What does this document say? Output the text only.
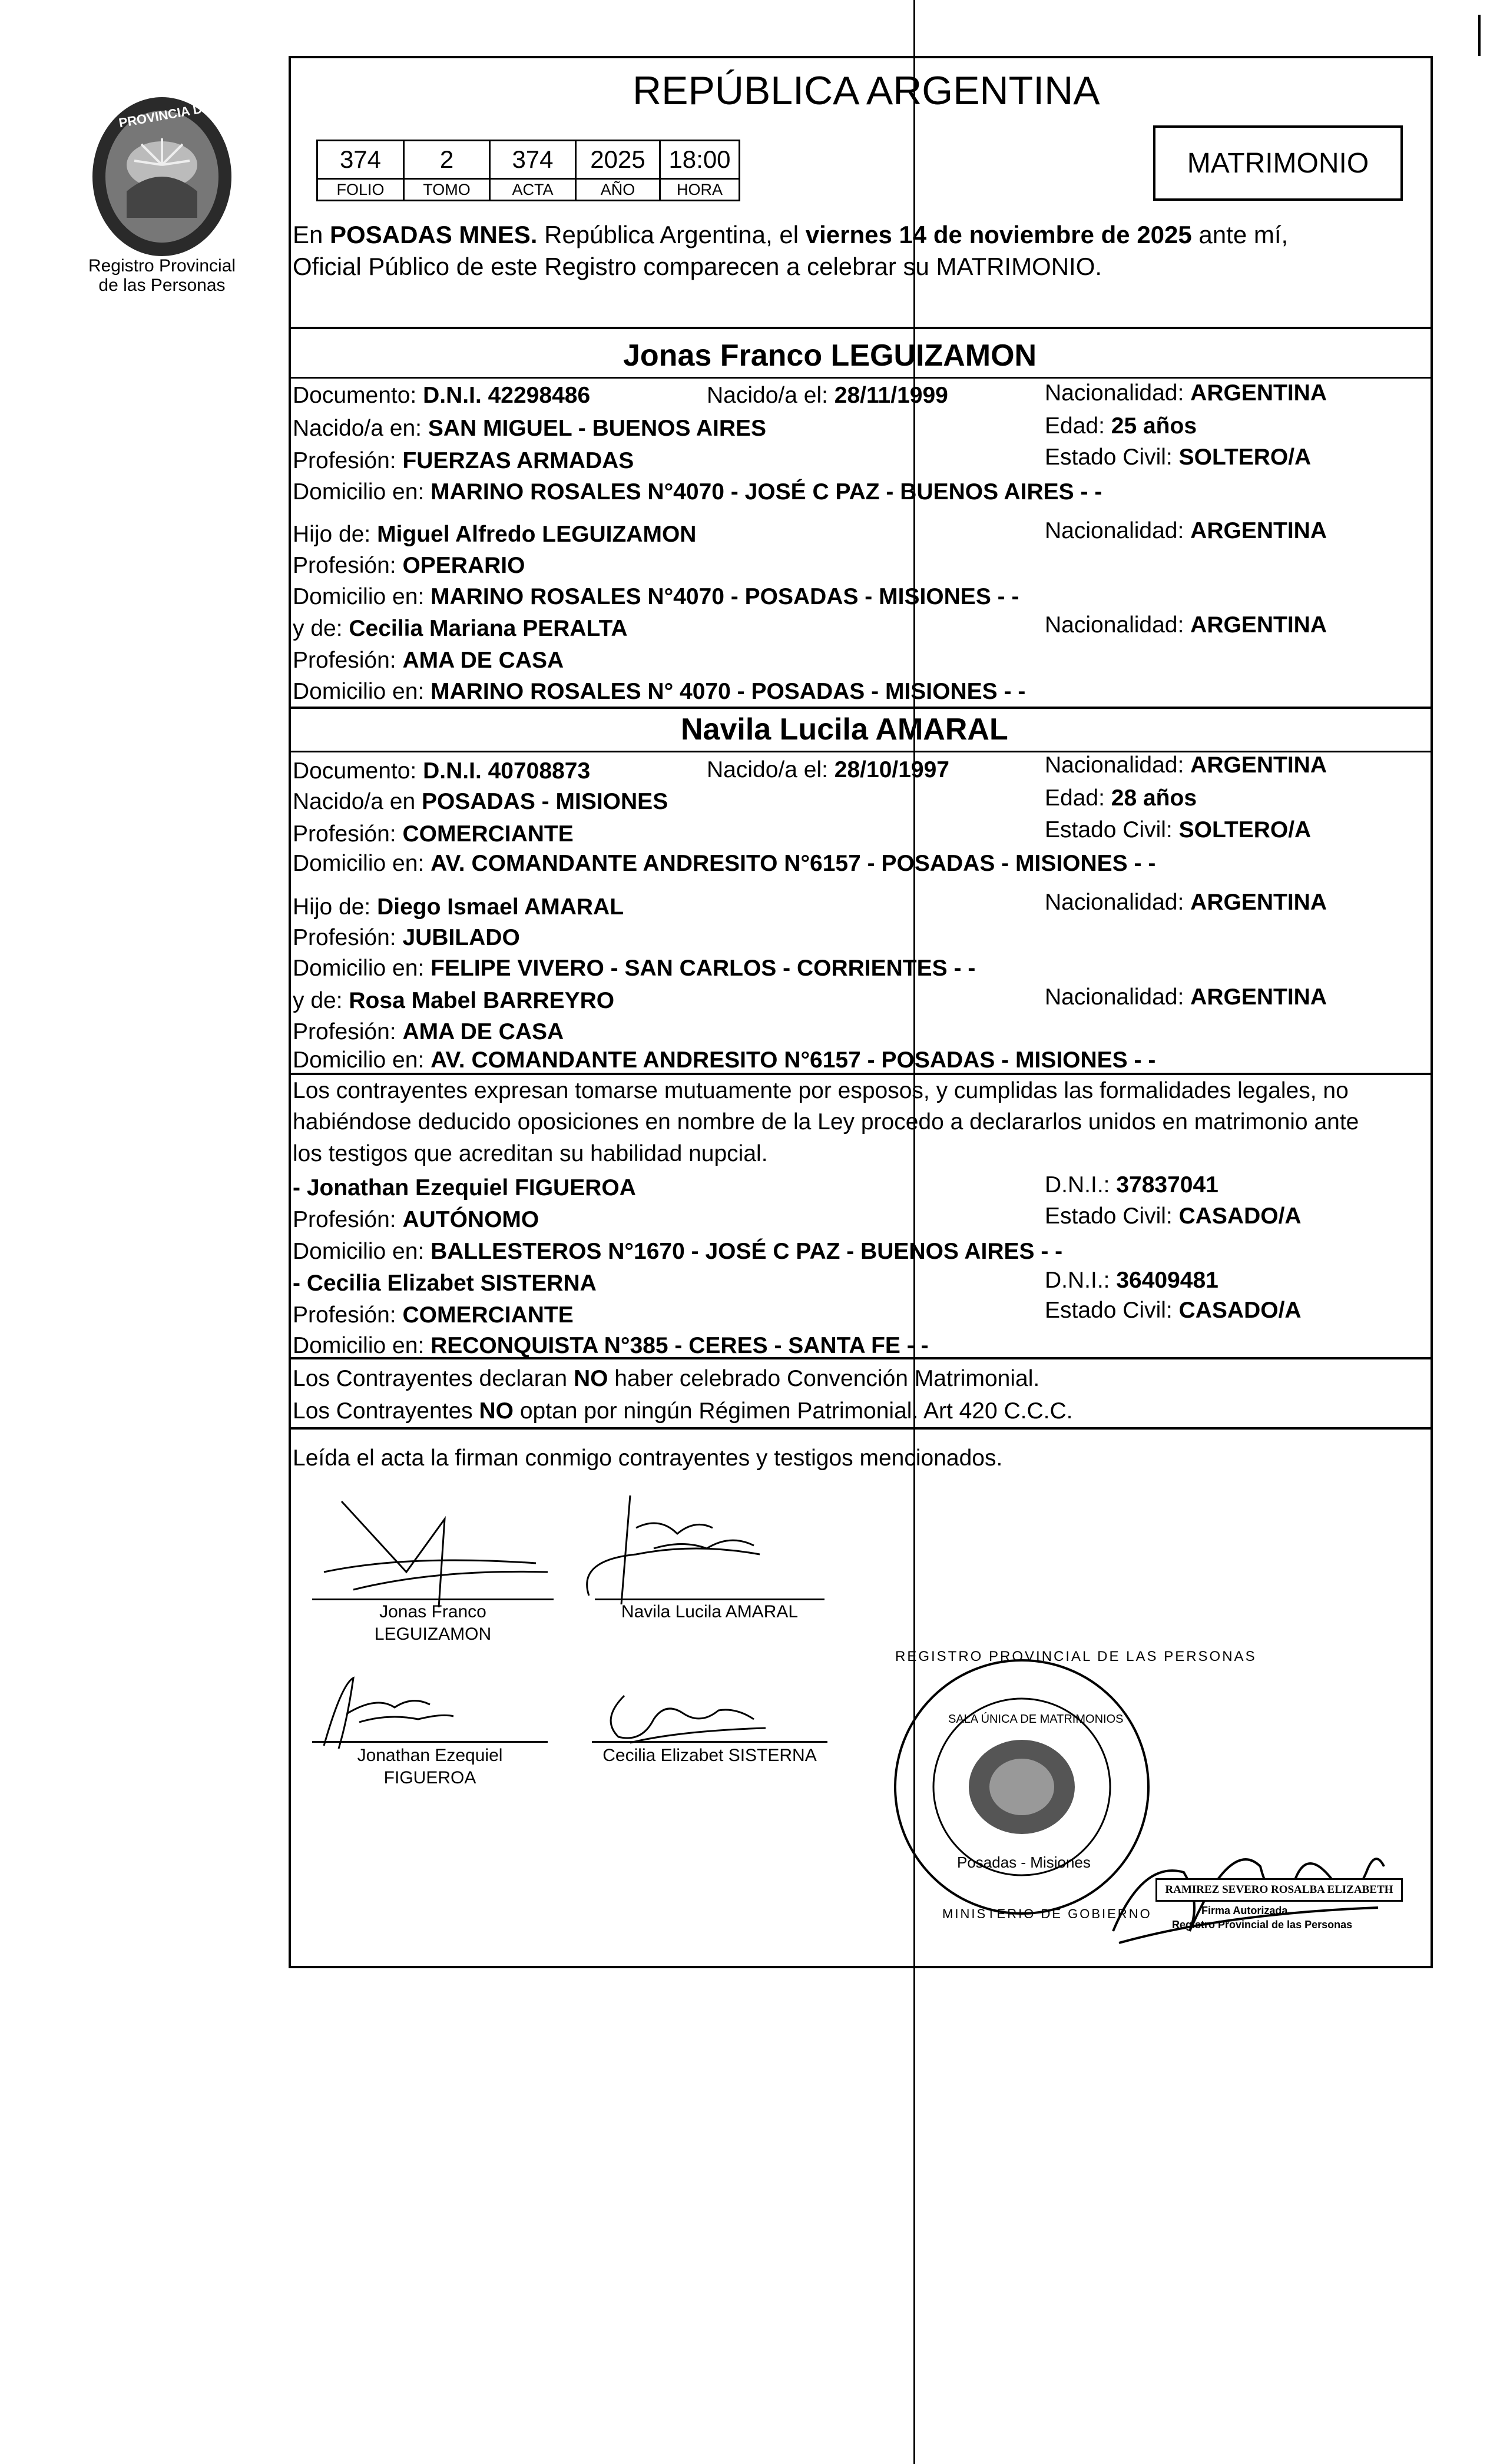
PROVINCIA DE MISIONES
Registro Provincial
de las Personas
REPÚBLICA ARGENTINA
374	2	374	2025	18:00
FOLIO	TOMO	ACTA	AÑO	HORA
MATRIMONIO
En POSADAS MNES. República Argentina, el viernes 14 de noviembre de 2025 ante mí,
Oficial Público de este Registro comparecen a celebrar su MATRIMONIO.
Jonas Franco LEGUIZAMON
Documento: D.N.I. 42298486	Nacido/a el: 28/11/1999	Nacionalidad: ARGENTINA
Nacido/a en: SAN MIGUEL - BUENOS AIRES	Edad: 25 años
Profesión: FUERZAS ARMADAS	Estado Civil: SOLTERO/A
Domicilio en: MARINO ROSALES N°4070 - JOSÉ C PAZ - BUENOS AIRES - -
Hijo de: Miguel Alfredo LEGUIZAMON	Nacionalidad: ARGENTINA
Profesión: OPERARIO
Domicilio en: MARINO ROSALES N°4070 - POSADAS - MISIONES - -
y de: Cecilia Mariana PERALTA	Nacionalidad: ARGENTINA
Profesión: AMA DE CASA
Domicilio en: MARINO ROSALES N° 4070 - POSADAS - MISIONES - -
Navila Lucila AMARAL
Documento: D.N.I. 40708873	Nacido/a el: 28/10/1997	Nacionalidad: ARGENTINA
Nacido/a en POSADAS - MISIONES	Edad: 28 años
Profesión: COMERCIANTE	Estado Civil: SOLTERO/A
Domicilio en: AV. COMANDANTE ANDRESITO N°6157 - POSADAS - MISIONES - -
Hijo de: Diego Ismael AMARAL	Nacionalidad: ARGENTINA
Profesión: JUBILADO
Domicilio en: FELIPE VIVERO - SAN CARLOS - CORRIENTES - -
y de: Rosa Mabel BARREYRO	Nacionalidad: ARGENTINA
Profesión: AMA DE CASA
Domicilio en: AV. COMANDANTE ANDRESITO N°6157 - POSADAS - MISIONES - -
Los contrayentes expresan tomarse mutuamente por esposos, y cumplidas las formalidades legales, no
habiéndose deducido oposiciones en nombre de la Ley procedo a declararlos unidos en matrimonio ante
los testigos que acreditan su habilidad nupcial.
- Jonathan Ezequiel FIGUEROA	D.N.I.: 37837041
Profesión: AUTÓNOMO	Estado Civil: CASADO/A
Domicilio en: BALLESTEROS N°1670 - JOSÉ C PAZ - BUENOS AIRES - -
- Cecilia Elizabet SISTERNA	D.N.I.: 36409481
Profesión: COMERCIANTE	Estado Civil: CASADO/A
Domicilio en: RECONQUISTA N°385 - CERES - SANTA FE - -
Los Contrayentes declaran NO haber celebrado Convención Matrimonial.
Los Contrayentes NO optan por ningún Régimen Patrimonial. Art 420 C.C.C.
Leída el acta la firman conmigo contrayentes y testigos mencionados.
Jonas Franco
LEGUIZAMON
Navila Lucila AMARAL
Jonathan Ezequiel
FIGUEROA
Cecilia Elizabet SISTERNA
REGISTRO PROVINCIAL DE LAS PERSONAS
SALA ÚNICA DE MATRIMONIOS
Posadas - Misiones
MINISTERIO DE GOBIERNO
RAMIREZ SEVERO ROSALBA ELIZABETH
Firma Autorizada
Registro Provincial de las Personas
